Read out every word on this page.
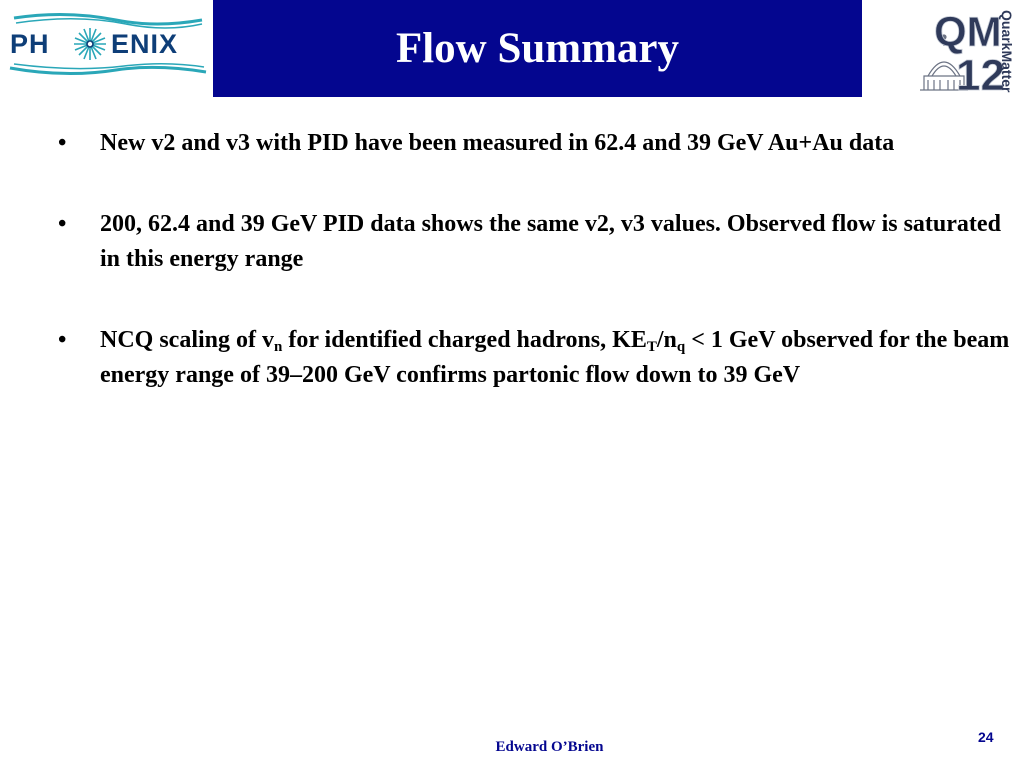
PH ENIX	Flow Summary	QM
12
QuarkMatter
• New v2 and v3 with PID have been measured in 62.4 and 39 GeV Au+Au data
• 200, 62.4 and 39 GeV PID data shows the same v2, v3 values. Observed flow is saturated in this energy range
• NCQ scaling of $v_n$ for identified charged hadrons, $KE_T/n_q < 1$ GeV observed for the beam energy range of 39–200 GeV confirms partonic flow down to 39 GeV
Edward O’Brien
24
